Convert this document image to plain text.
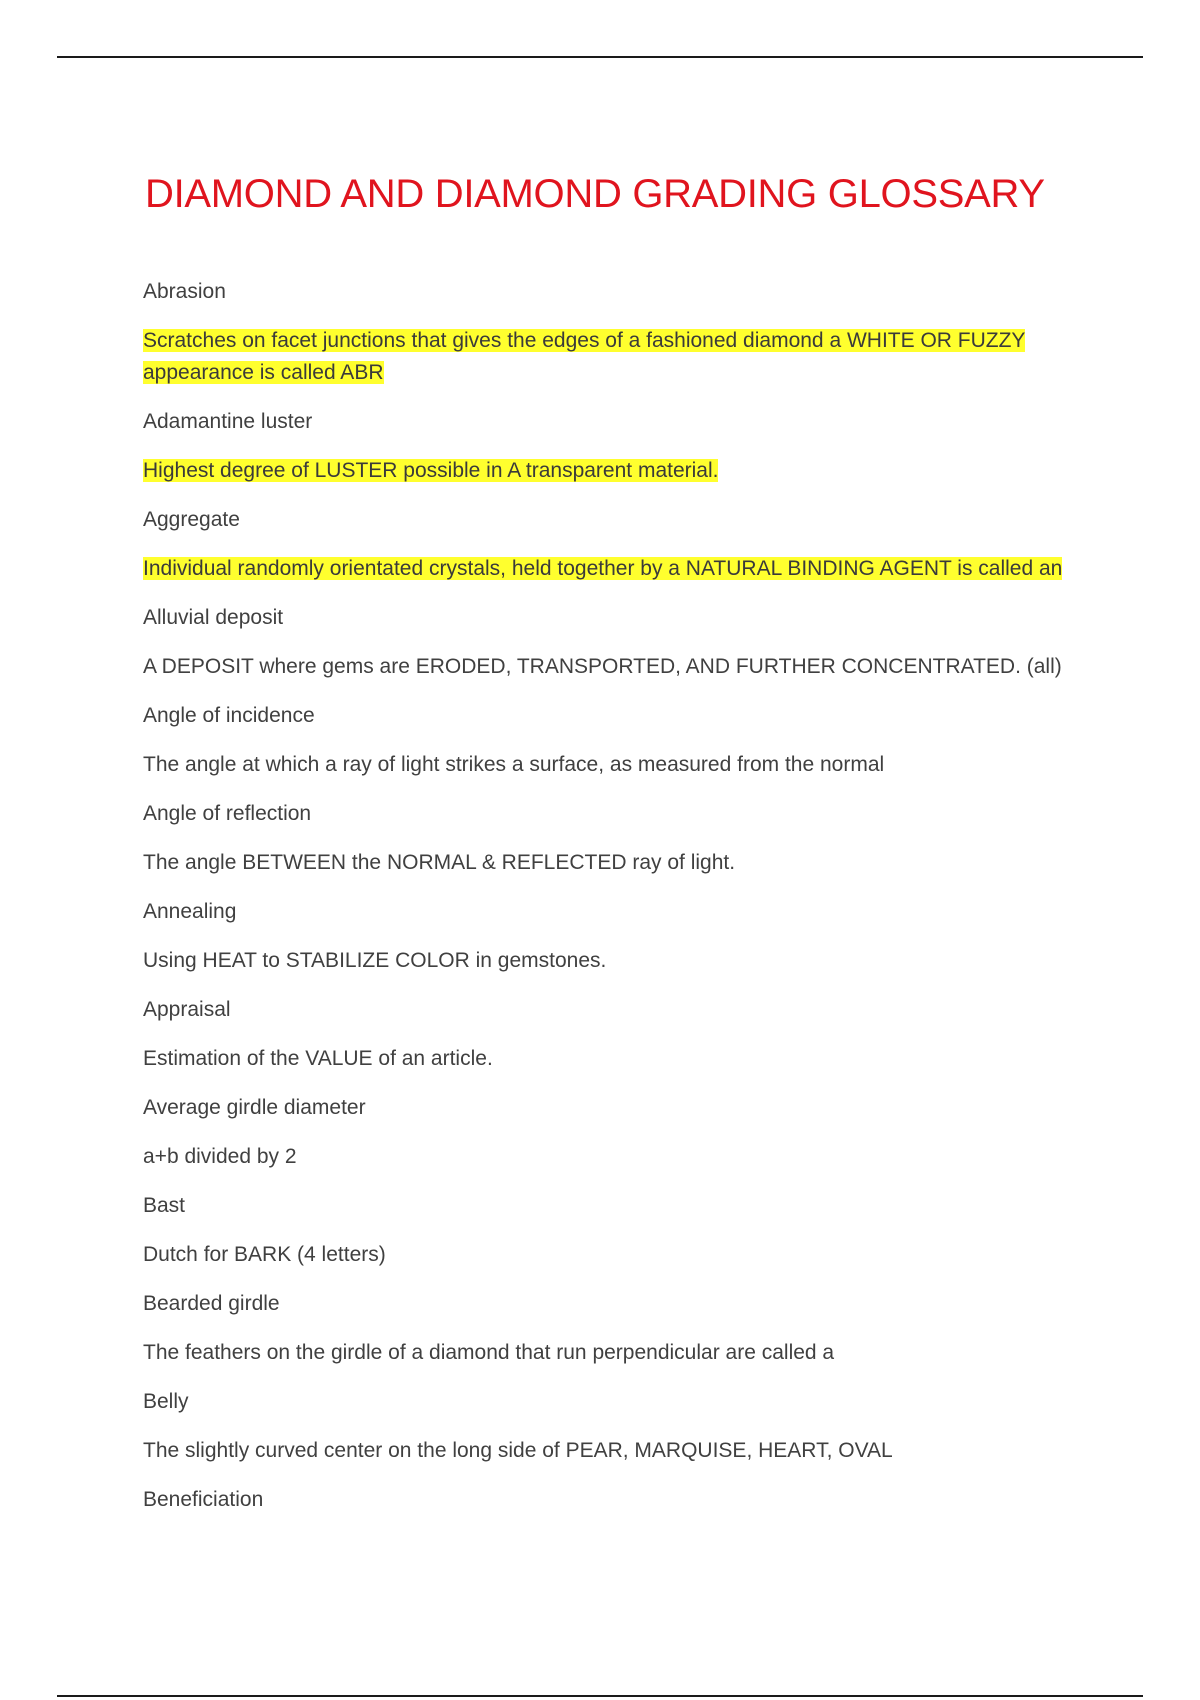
DIAMOND AND DIAMOND GRADING GLOSSARY

Abrasion

Scratches on facet junctions that gives the edges of a fashioned diamond a WHITE OR FUZZY appearance is called ABR

Adamantine luster

Highest degree of LUSTER possible in A transparent material.

Aggregate

Individual randomly orientated crystals, held together by a NATURAL BINDING AGENT is called an

Alluvial deposit

A DEPOSIT where gems are ERODED, TRANSPORTED, AND FURTHER CONCENTRATED. (all)

Angle of incidence

The angle at which a ray of light strikes a surface, as measured from the normal

Angle of reflection

The angle BETWEEN the NORMAL & REFLECTED ray of light.

Annealing

Using HEAT to STABILIZE COLOR in gemstones.

Appraisal

Estimation of the VALUE of an article.

Average girdle diameter

a+b divided by 2

Bast

Dutch for BARK (4 letters)

Bearded girdle

The feathers on the girdle of a diamond that run perpendicular are called a

Belly

The slightly curved center on the long side of PEAR, MARQUISE, HEART, OVAL

Beneficiation
